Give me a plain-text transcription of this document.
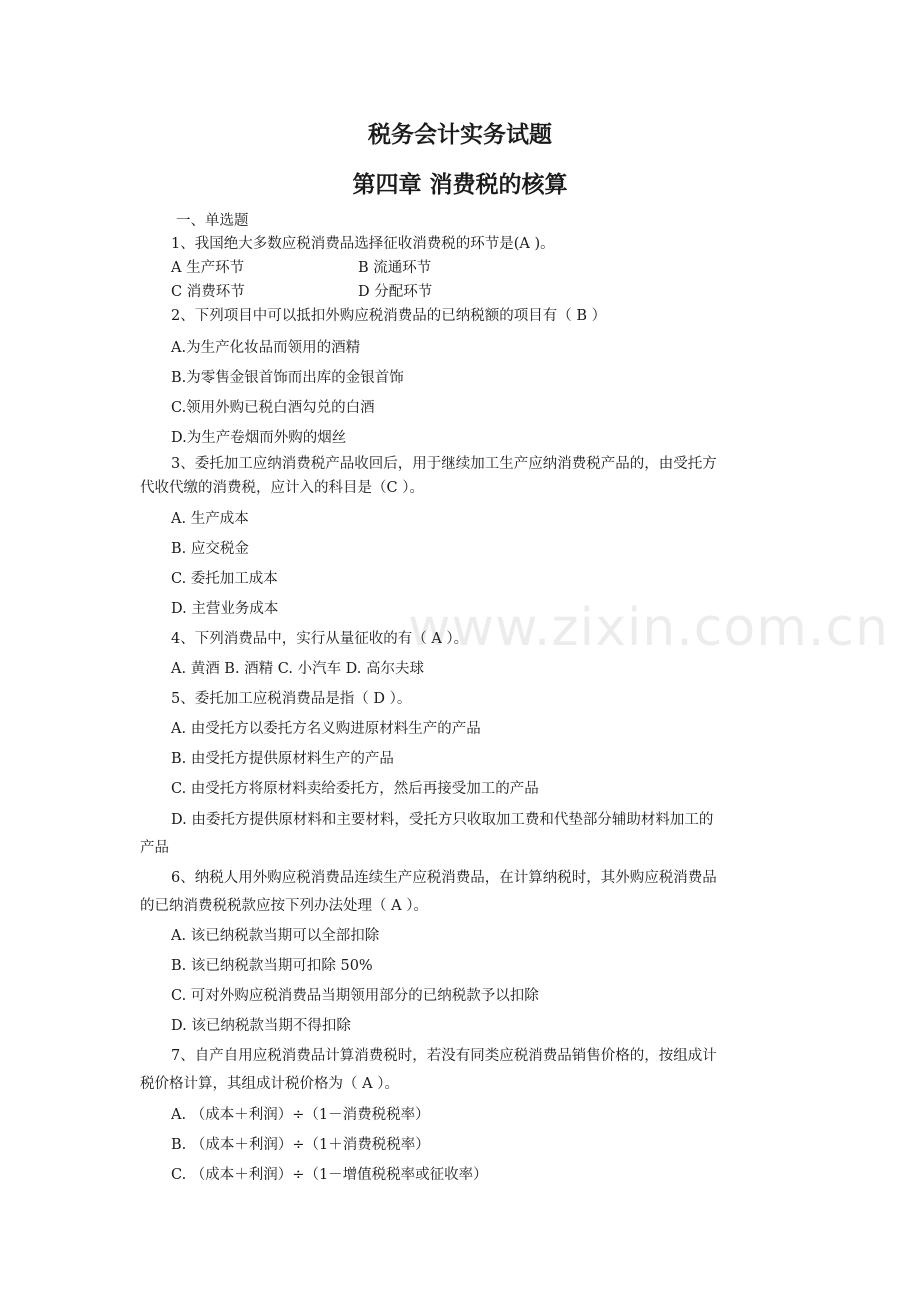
www.zixin.com.cn
税务会计实务试题
第四章 消费税的核算

一、单选题

1、我国绝大多数应税消费品选择征收消费税的环节是(A )。

A 生产环节	B 流通环节
C 消费环节	D 分配环节

2、下列项目中可以抵扣外购应税消费品的已纳税额的项目有（ B ）

A.为生产化妆品而领用的酒精

B.为零售金银首饰而出库的金银首饰

C.领用外购已税白酒勾兑的白酒

D.为生产卷烟而外购的烟丝

3、委托加工应纳消费税产品收回后，用于继续加工生产应纳消费税产品的，由受托方

代收代缴的消费税，应计入的科目是（C ）。

A. 生产成本

B. 应交税金

C. 委托加工成本

D. 主营业务成本

4、下列消费品中，实行从量征收的有（ A ）。

A. 黄酒 B. 酒精 C. 小汽车 D. 高尔夫球

5、委托加工应税消费品是指（ D ）。

A. 由受托方以委托方名义购进原材料生产的产品

B. 由受托方提供原材料生产的产品

C. 由受托方将原材料卖给委托方，然后再接受加工的产品

D. 由委托方提供原材料和主要材料，受托方只收取加工费和代垫部分辅助材料加工的

产品

6、纳税人用外购应税消费品连续生产应税消费品，在计算纳税时，其外购应税消费品

的已纳消费税税款应按下列办法处理（ A ）。

A. 该已纳税款当期可以全部扣除

B. 该已纳税款当期可扣除 50%

C. 可对外购应税消费品当期领用部分的已纳税款予以扣除

D. 该已纳税款当期不得扣除

7、自产自用应税消费品计算消费税时，若没有同类应税消费品销售价格的，按组成计

税价格计算，其组成计税价格为（ A ）。

A. （成本＋利润）÷（1－消费税税率）

B. （成本＋利润）÷（1＋消费税税率）

C. （成本＋利润）÷（1－增值税税率或征收率）
